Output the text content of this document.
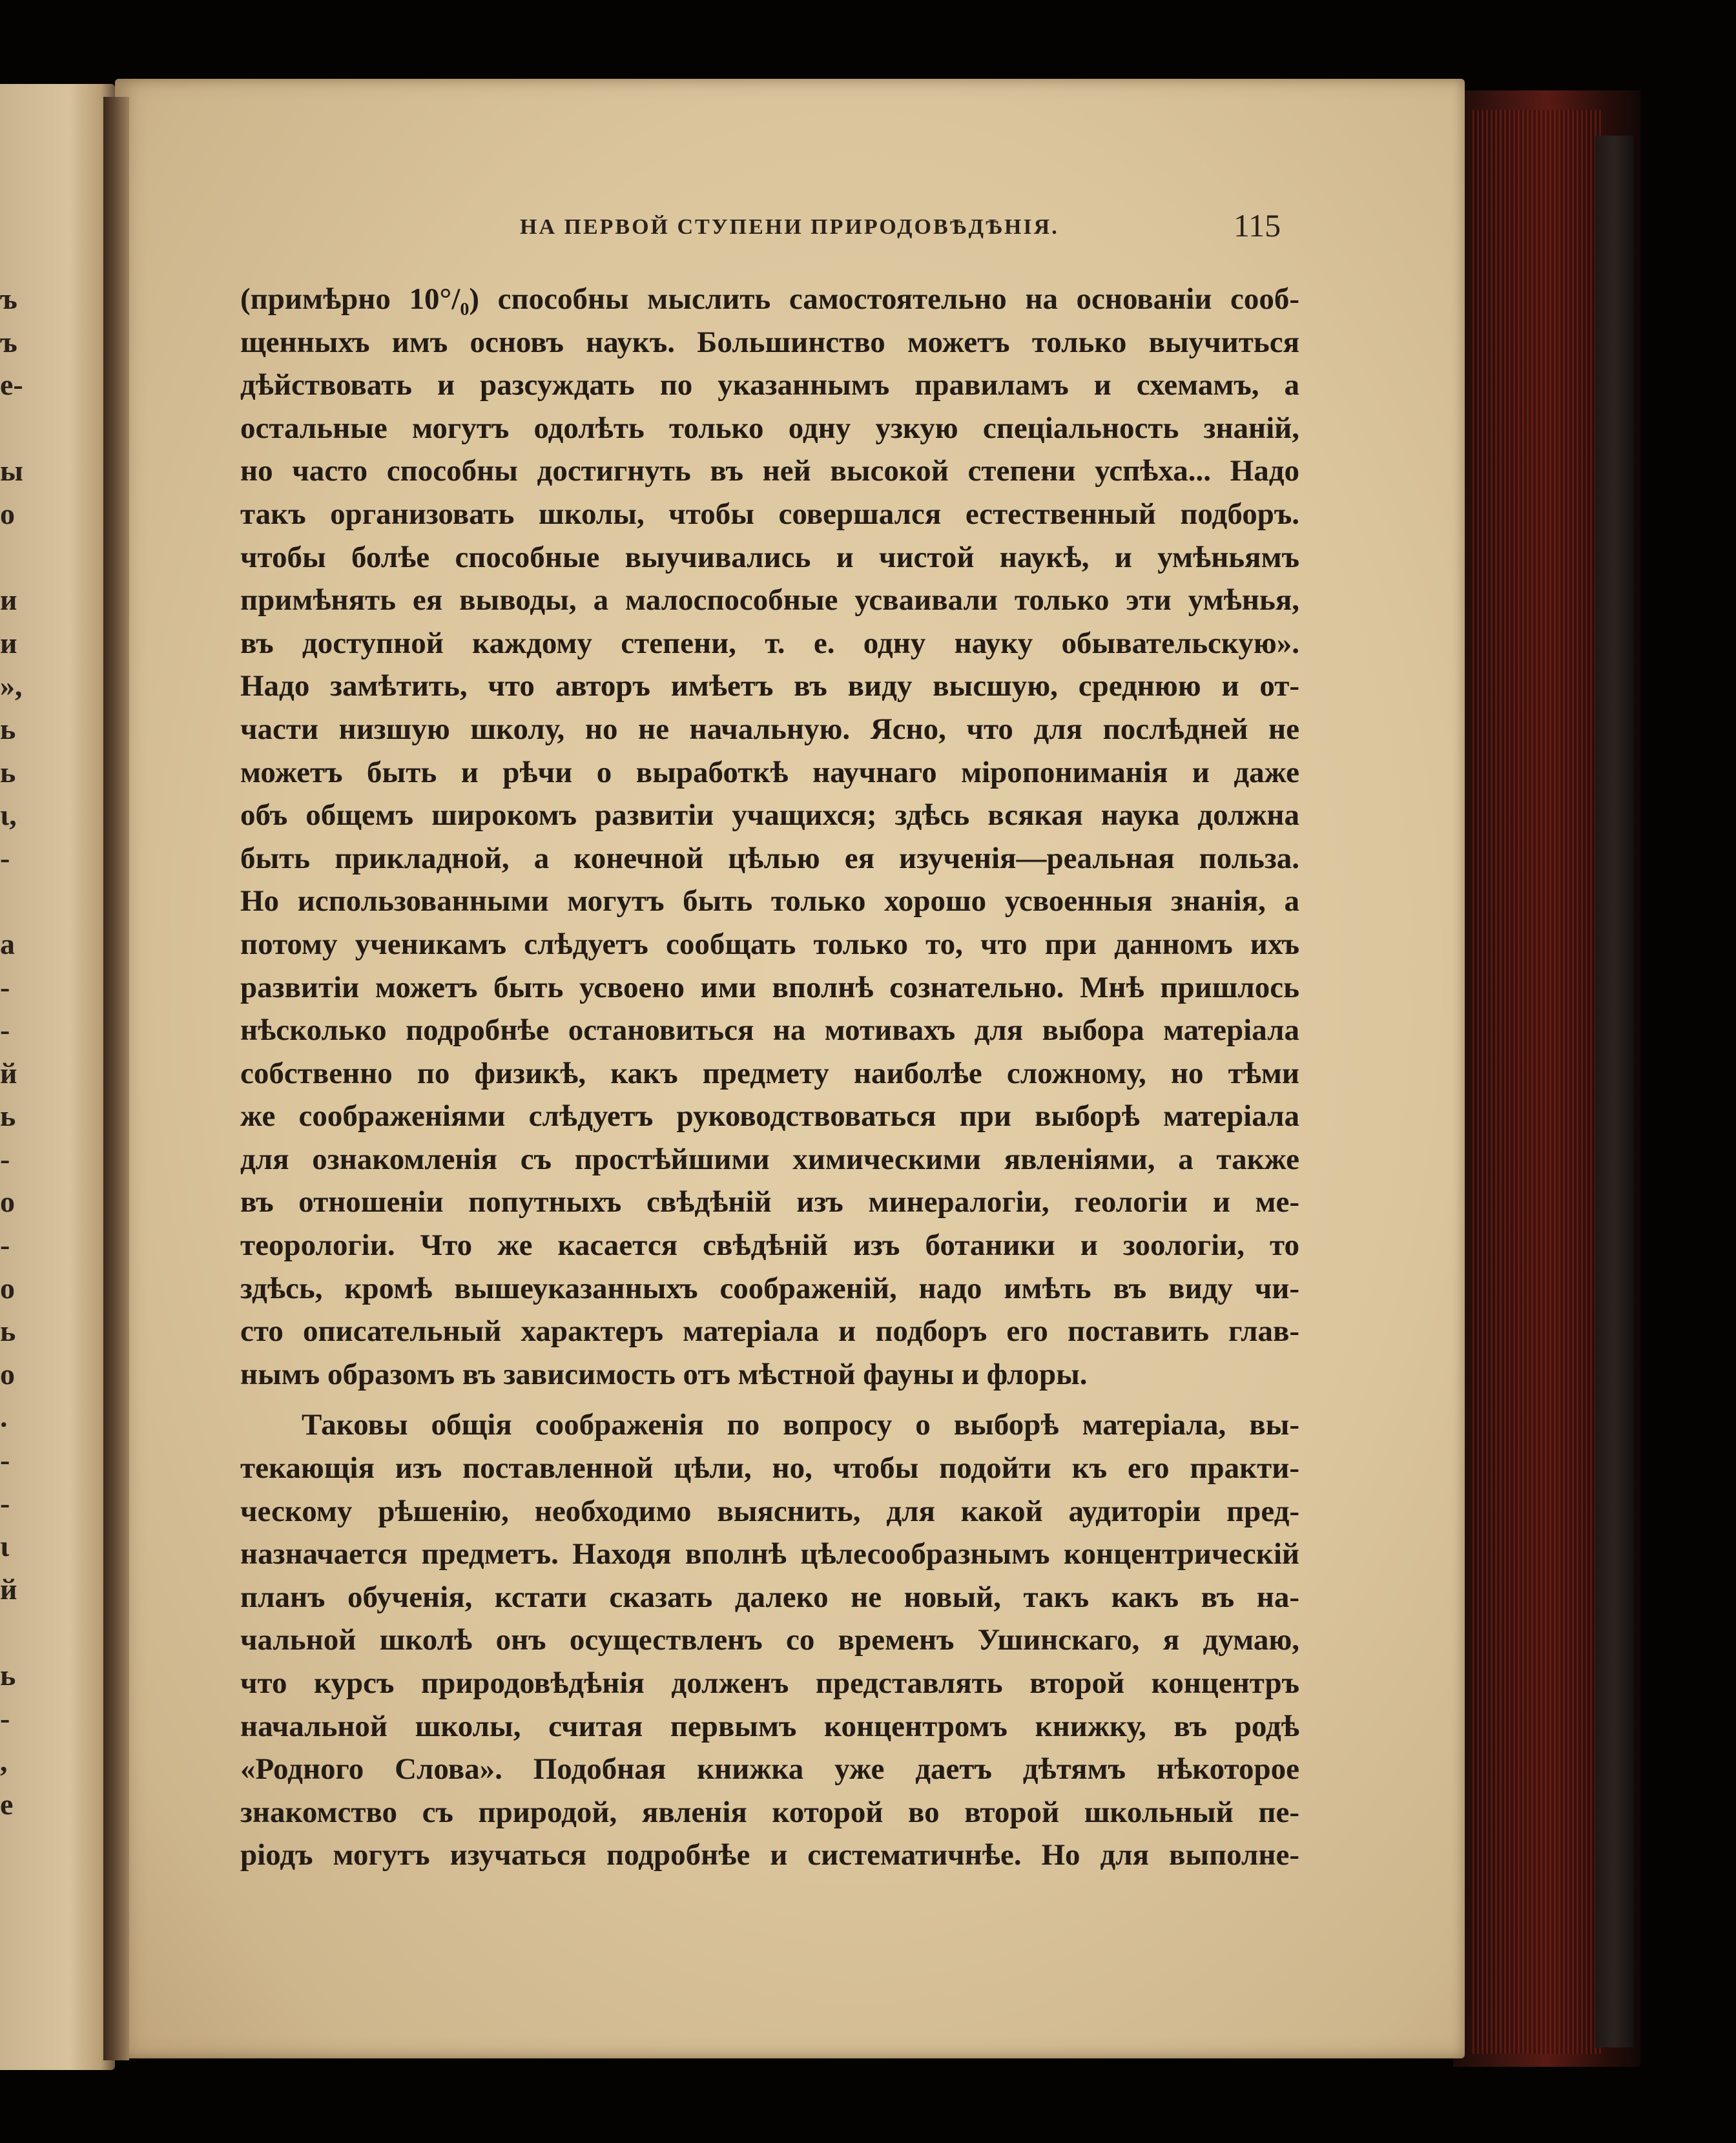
ъ
ъ
е-
ы
о
и
и
»,
ь
ь
ι,
-
а
-
-
й
ь
-
о
-
о
ь
о
.
-
-
ι
й
ь
-
,
е
НА ПЕРВОЙ СТУПЕНИ ПРИРОДОВѢДѢНІЯ.	115
(примѣрно 10°/₀) способны мыслить самостоятельно на основаніи сооб-
щенныхъ имъ основъ наукъ. Большинство можетъ только выучиться
дѣйствовать и разсуждать по указаннымъ правиламъ и схемамъ, а
остальные могутъ одолѣть только одну узкую спеціальность знаній,
но часто способны достигнуть въ ней высокой степени успѣха... Надо
такъ организовать школы, чтобы совершался естественный подборъ.
чтобы болѣе способные выучивались и чистой наукѣ, и умѣньямъ
примѣнять ея выводы, а малоспособные усваивали только эти умѣнья,
въ доступной каждому степени, т. е. одну науку обывательскую».
Надо замѣтить, что авторъ имѣетъ въ виду высшую, среднюю и от-
части низшую школу, но не начальную. Ясно, что для послѣдней не
можетъ быть и рѣчи о выработкѣ научнаго міропониманія и даже
объ общемъ широкомъ развитіи учащихся; здѣсь всякая наука должна
быть прикладной, а конечной цѣлью ея изученія—реальная польза.
Но использованными могутъ быть только хорошо усвоенныя знанія, а
потому ученикамъ слѣдуетъ сообщать только то, что при данномъ ихъ
развитіи можетъ быть усвоено ими вполнѣ сознательно. Мнѣ пришлось
нѣсколько подробнѣе остановиться на мотивахъ для выбора матеріала
собственно по физикѣ, какъ предмету наиболѣе сложному, но тѣми
же соображеніями слѣдуетъ руководствоваться при выборѣ матеріала
для ознакомленія съ простѣйшими химическими явленіями, а также
въ отношеніи попутныхъ свѣдѣній изъ минералогіи, геологіи и ме-
теорологіи. Что же касается свѣдѣній изъ ботаники и зоологіи, то
здѣсь, кромѣ вышеуказанныхъ соображеній, надо имѣть въ виду чи-
сто описательный характеръ матеріала и подборъ его поставить глав-
нымъ образомъ въ зависимость отъ мѣстной фауны и флоры.
Таковы общія соображенія по вопросу о выборѣ матеріала, вы-
текающія изъ поставленной цѣли, но, чтобы подойти къ его практи-
ческому рѣшенію, необходимо выяснить, для какой аудиторіи пред-
назначается предметъ. Находя вполнѣ цѣлесообразнымъ концентрическій
планъ обученія, кстати сказать далеко не новый, такъ какъ въ на-
чальной школѣ онъ осуществленъ со временъ Ушинскаго, я думаю,
что курсъ природовѣдѣнія долженъ представлять второй концентръ
начальной школы, считая первымъ концентромъ книжку, въ родѣ
«Родного Слова». Подобная книжка уже даетъ дѣтямъ нѣкоторое
знакомство съ природой, явленія которой во второй школьный пе-
ріодъ могутъ изучаться подробнѣе и систематичнѣе. Но для выполне-
